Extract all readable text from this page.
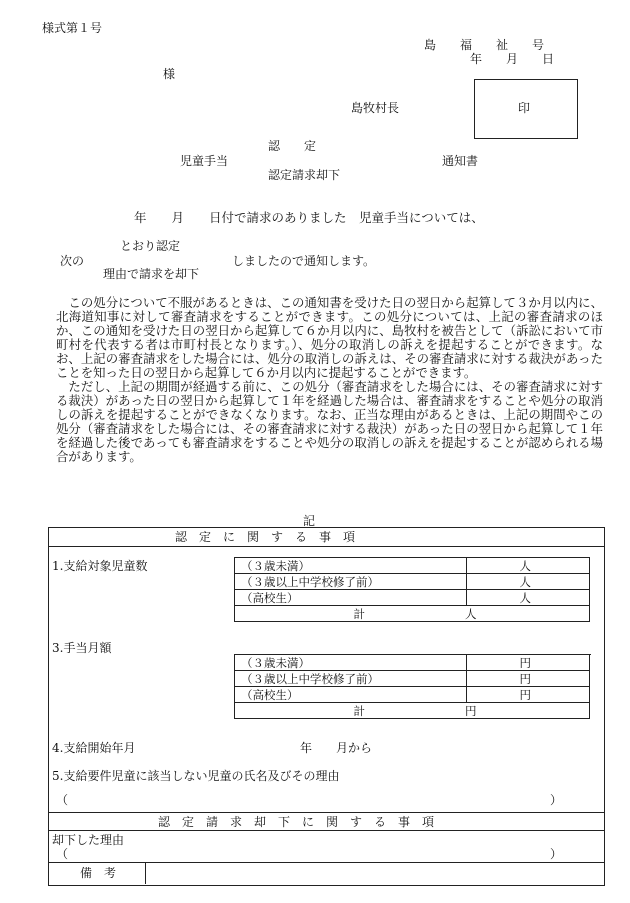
様式第１号
島　　福　　祉　　号
年　　月　　日
様
島牧村長	印
認　　定
児童手当	通知書
認定請求却下
年　　月　　日付で請求のありました　児童手当については、
とおり認定
次の	しましたので通知します。
理由で請求を却下

この処分について不服があるときは、この通知書を受けた日の翌日から起算して３か月以内に、北海道知事に対して審査請求をすることができます。この処分については、上記の審査請求のほか、この通知を受けた日の翌日から起算して６か月以内に、島牧村を被告として（訴訟において市町村を代表する者は市町村長となります。）、処分の取消しの訴えを提起することができます。なお、上記の審査請求をした場合には、処分の取消しの訴えは、その審査請求に対する裁決があったことを知った日の翌日から起算して６か月以内に提起することができます。

ただし、上記の期間が経過する前に、この処分（審査請求をした場合には、その審査請求に対する裁決）があった日の翌日から起算して１年を経過した場合は、審査請求をすることや処分の取消しの訴えを提起することができなくなります。なお、正当な理由があるときは、上記の期間やこの処分（審査請求をした場合には、その審査請求に対する裁決）があった日の翌日から起算して１年を経過した後であっても審査請求をすることや処分の取消しの訴えを提起することが認められる場合があります。

記
認　定　に　関　す　る　事　項
1.支給対象児童数	（３歳未満）	人
（３歳以上中学校修了前）	人
（高校生）	人
計 人	
3.手当月額
（３歳未満）	円
（３歳以上中学校修了前）	円
（高校生）	円
計 円	
4.支給開始年月	年　　月から
5.支給要件児童に該当しない児童の氏名及びその理由
（	）
認　定　請　求　却　下　に　関　す　る　事　項
却下した理由
（	）
備　考
